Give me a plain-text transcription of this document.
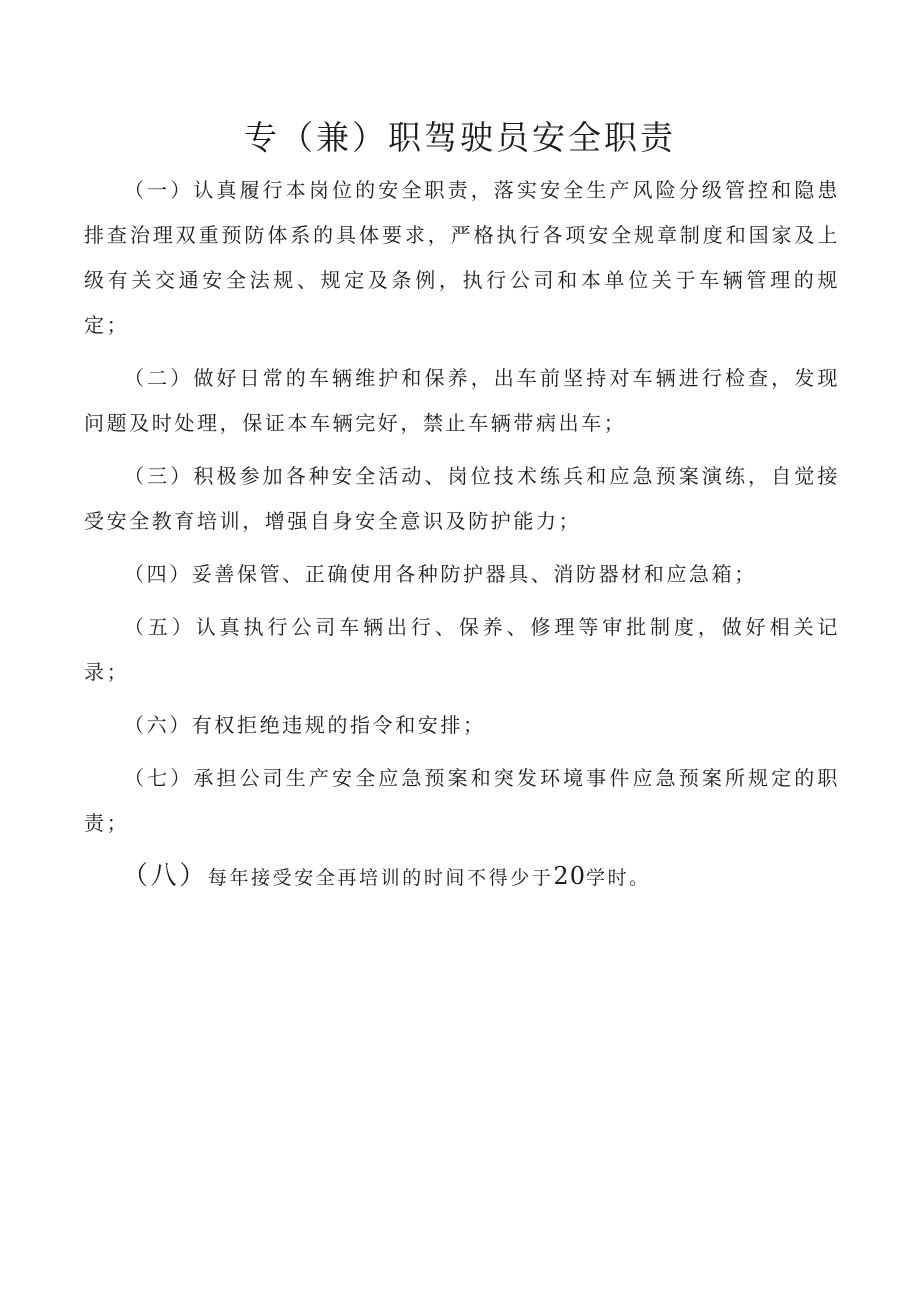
专（兼）职驾驶员安全职责

（一）认真履行本岗位的安全职责，落实安全生产风险分级管控和隐患排查治理双重预防体系的具体要求，严格执行各项安全规章制度和国家及上级有关交通安全法规、规定及条例，执行公司和本单位关于车辆管理的规定；

（二）做好日常的车辆维护和保养，出车前坚持对车辆进行检查，发现问题及时处理，保证本车辆完好，禁止车辆带病出车；

（三）积极参加各种安全活动、岗位技术练兵和应急预案演练，自觉接受安全教育培训，增强自身安全意识及防护能力；

（四）妥善保管、正确使用各种防护器具、消防器材和应急箱；

（五）认真执行公司车辆出行、保养、修理等审批制度，做好相关记录；

（六）有权拒绝违规的指令和安排；

（七）承担公司生产安全应急预案和突发环境事件应急预案所规定的职责；

（八）每年接受安全再培训的时间不得少于20学时。
